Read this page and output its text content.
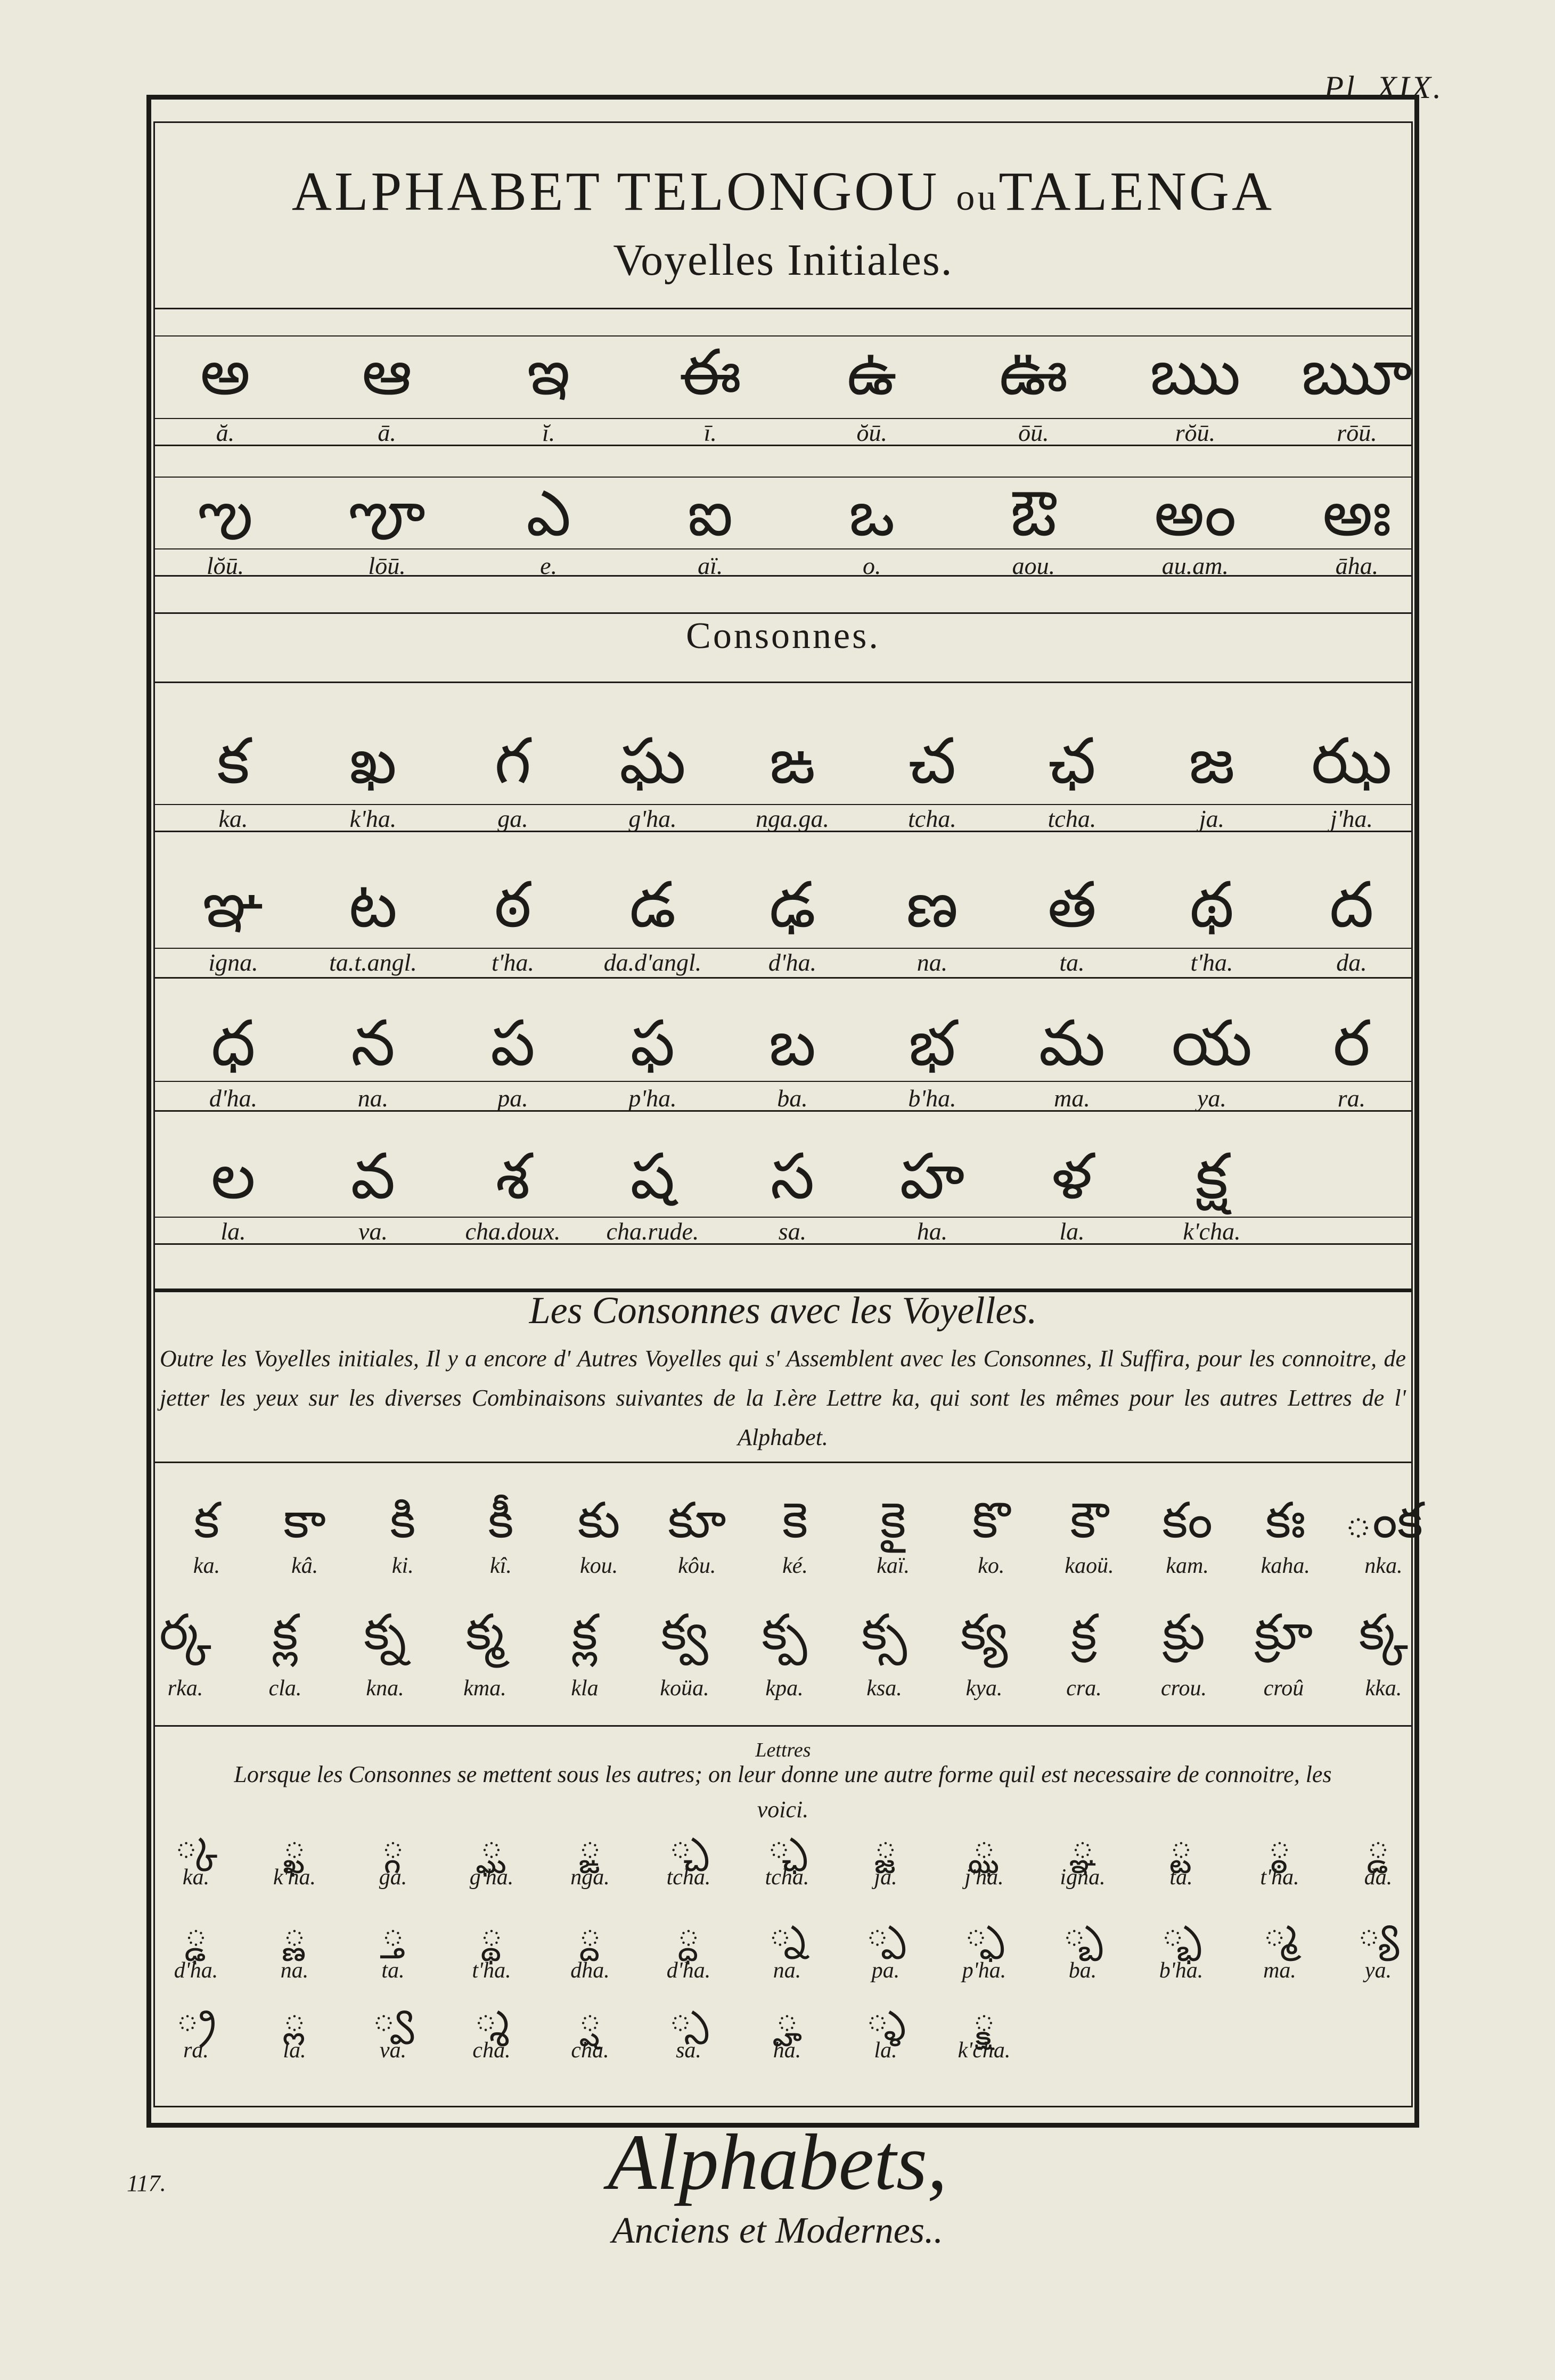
Pl. XIX.
ALPHABET TELONGOU ouTALENGA
Voyelles Initiales.
Consonnes.
Les Consonnes avec les Voyelles.
Outre les Voyelles initiales, Il y a encore d' Autres Voyelles qui s' Assemblent avec les Consonnes, Il Suffira, pour les connoitre, de jetter les yeux sur les diverses Combinaisons suivantes de la I.ère Lettre ka, qui sont les mêmes pour les autres Lettres de l' Alphabet.
Lettres
Lorsque les Consonnes se mettent sous les autres; on leur donne une autre forme quil est necessaire de connoitre, les voici.
అ
ă.
ఆ
ā.
ఇ
ĭ.
ఈ
ī.
ఉ
ŏū.
ఊ
ōū.
ఋ
rŏū.
ౠ
rōū.
ఌ
lŏū.
ౡ
lōū.
ఎ
e.
ఐ
aï.
ఒ
o.
ఔ
aou.
అం
au.am.
అః
āha.
క
ka.
ఖ
k'ha.
గ
ga.
ఘ
g'ha.
ఙ
nga.ga.
చ
tcha.
ఛ
tcha.
జ
ja.
ఝ
j'ha.
ఞ
igna.
ట
ta.t.angl.
ఠ
t'ha.
డ
da.d'angl.
ఢ
d'ha.
ణ
na.
త
ta.
థ
t'ha.
ద
da.
ధ
d'ha.
న
na.
ప
pa.
ఫ
p'ha.
బ
ba.
భ
b'ha.
మ
ma.
య
ya.
ర
ra.
ల
la.
వ
va.
శ
cha.doux.
ష
cha.rude.
స
sa.
హ
ha.
ళ
la.
క్ష
k'cha.
క
ka.
కా
kâ.
కి
ki.
కీ
kî.
కు
kou.
కూ
kôu.
కె
ké.
కై
kaï.
కొ
ko.
కౌ
kaoü.
కం
kam.
కః
kaha.
ంక
nka.
ర్క
rka.
క్ల
cla.
క్న
kna.
క్మ
kma.
క్ల
kla
క్వ
koüa.
క్ప
kpa.
క్స
ksa.
క్య
kya.
క్ర
cra.
క్రు
crou.
క్రూ
croû
క్క
kka.
్క
ka.
్ఖ
k'ha.
్గ
ga.
్ఘ
g'ha.
్ఙ
nga.
్చ
tcha.
్ఛ
tcha.
్జ
ja.
్ఝ
j'ha.
్ఞ
igna.
్ట
ta.
్ఠ
t'ha.
్డ
da.
్ఢ
d'ha.
్ణ
na.
్త
ta.
్థ
t'ha.
్ద
dha.
్ధ
d'ha.
్న
na.
్ప
pa.
్ఫ
p'ha.
్బ
ba.
్భ
b'ha.
్మ
ma.
్య
ya.
్ర
ra.
్ల
la.
్వ
va.
్శ
cha.
్ష
cha.
్స
sa.
్హ
ha.
్ళ
la.
్క్ష
k'cha.
117.	Alphabets,
Anciens et Modernes..
